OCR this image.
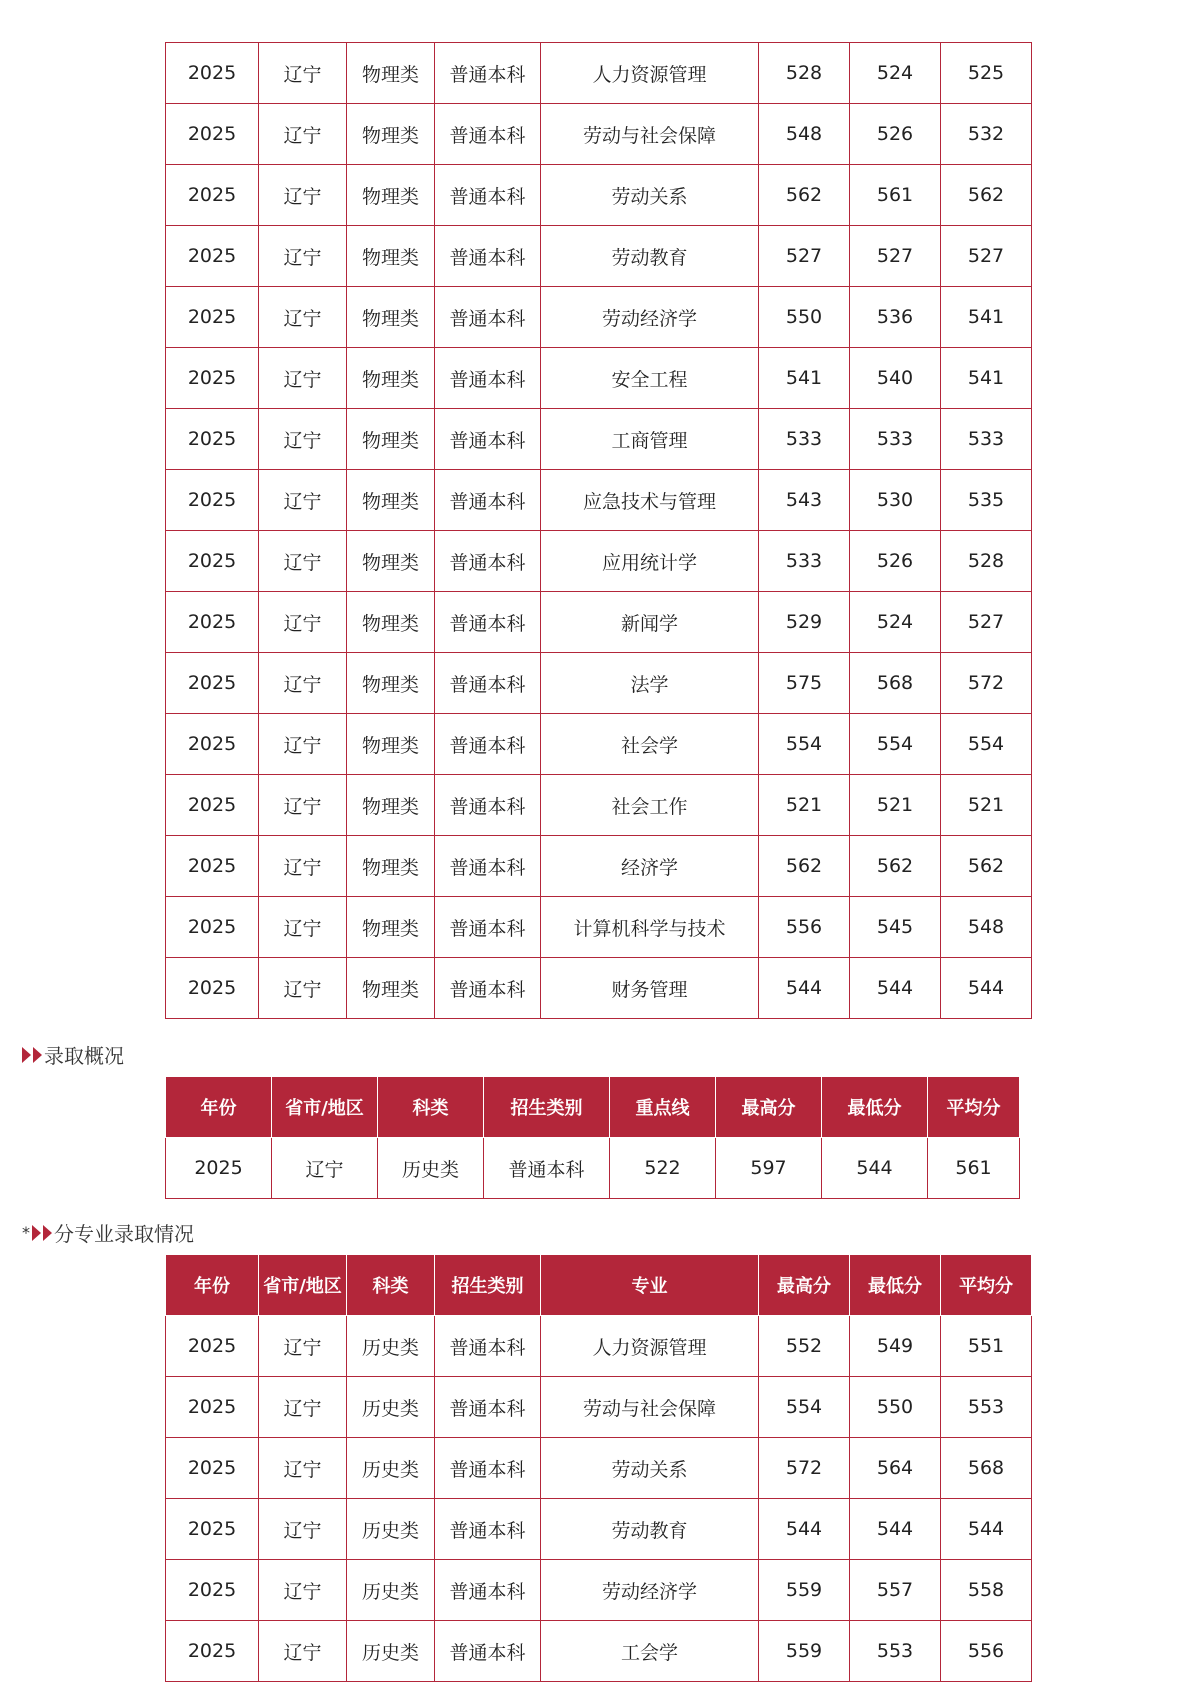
2025	辽宁	物理类	普通本科	人力资源管理	528	524	525
2025	辽宁	物理类	普通本科	劳动与社会保障	548	526	532
2025	辽宁	物理类	普通本科	劳动关系	562	561	562
2025	辽宁	物理类	普通本科	劳动教育	527	527	527
2025	辽宁	物理类	普通本科	劳动经济学	550	536	541
2025	辽宁	物理类	普通本科	安全工程	541	540	541
2025	辽宁	物理类	普通本科	工商管理	533	533	533
2025	辽宁	物理类	普通本科	应急技术与管理	543	530	535
2025	辽宁	物理类	普通本科	应用统计学	533	526	528
2025	辽宁	物理类	普通本科	新闻学	529	524	527
2025	辽宁	物理类	普通本科	法学	575	568	572
2025	辽宁	物理类	普通本科	社会学	554	554	554
2025	辽宁	物理类	普通本科	社会工作	521	521	521
2025	辽宁	物理类	普通本科	经济学	562	562	562
2025	辽宁	物理类	普通本科	计算机科学与技术	556	545	548
2025	辽宁	物理类	普通本科	财务管理	544	544	544
录取概况
年份	省市/地区	科类	招生类别	重点线	最高分	最低分	平均分
2025	辽宁	历史类	普通本科	522	597	544	561
* 分专业录取情况
年份	省市/地区	科类	招生类别	专业	最高分	最低分	平均分
2025	辽宁	历史类	普通本科	人力资源管理	552	549	551
2025	辽宁	历史类	普通本科	劳动与社会保障	554	550	553
2025	辽宁	历史类	普通本科	劳动关系	572	564	568
2025	辽宁	历史类	普通本科	劳动教育	544	544	544
2025	辽宁	历史类	普通本科	劳动经济学	559	557	558
2025	辽宁	历史类	普通本科	工会学	559	553	556
